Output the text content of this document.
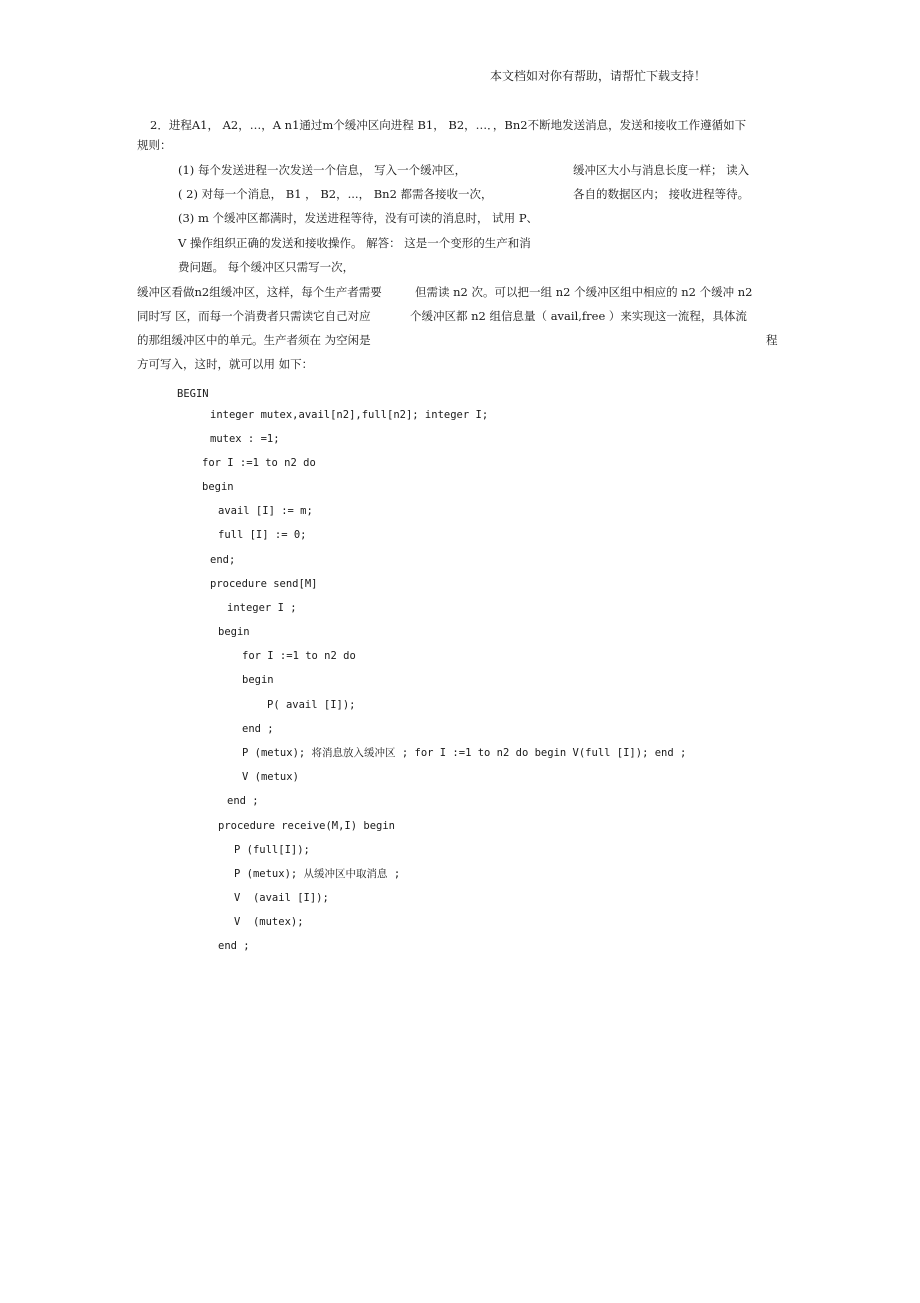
本文档如对你有帮助，请帮忙下载支持！
2．进程A1， A2，…，A n1通过m个缓冲区向进程 B1， B2，…．，Bn2不断地发送消息，发送和接收工作遵循如下
规则：
(1) 每个发送进程一次发送一个信息， 写入一个缓冲区，	缓冲区大小与消息长度一样； 读入
( 2) 对每一个消息， B1 ， B2，...， Bn2 都需各接收一次，	各自的数据区内； 接收进程等待。
(3) m 个缓冲区都满时，发送进程等待，没有可读的消息时， 试用 P、
V 操作组织正确的发送和接收操作。 解答： 这是一个变形的生产和消
费问题。 每个缓冲区只需写一次，
缓冲区看做n2组缓冲区，这样，每个生产者需要	但需读 n2 次。可以把一组 n2 个缓冲区组中相应的 n2 个缓冲 n2
同时写 区，而每一个消费者只需读它自己对应	个缓冲区都 n2 组信息量（ avail,free ）来实现这一流程，具体流
的那组缓冲区中的单元。生产者须在 为空闲是	程
方可写入，这时，就可以用 如下：
BEGIN
integer mutex,avail[n2],full[n2]; integer I;
mutex : =1;
for I :=1 to n2 do
begin
avail [I] := m;
full [I] := 0;
end;
procedure send[M]
integer I ;
begin
for I :=1 to n2 do
begin
P( avail [I]);
end ;
P (metux); 将消息放入缓冲区 ; for I :=1 to n2 do begin V(full [I]); end ;
V (metux)
end ;
procedure receive(M,I) begin
P (full[I]);
P (metux); 从缓冲区中取消息 ;
V  (avail [I]);
V  (mutex);
end ;
